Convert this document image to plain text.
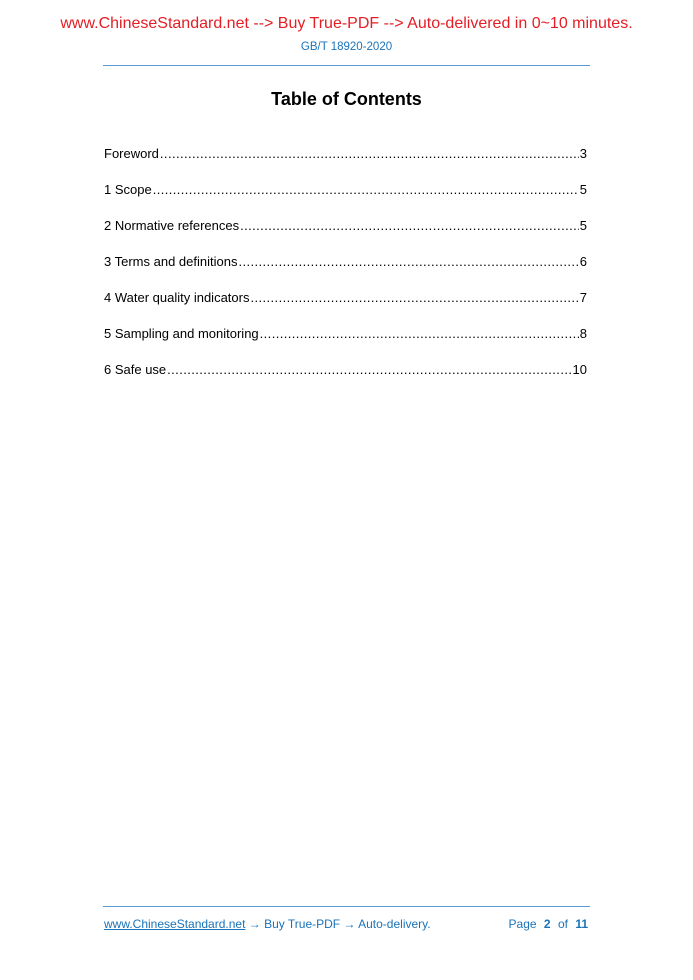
www.ChineseStandard.net --> Buy True-PDF --> Auto-delivered in 0~10 minutes.
GB/T 18920-2020
Table of Contents
Foreword .....	3
1 Scope .....	5
2 Normative references .....	5
3 Terms and definitions .....	6
4 Water quality indicators .....	7
5 Sampling and monitoring .....	8
6 Safe use .....	10
www.ChineseStandard.net → Buy True-PDF → Auto-delivery.	Page 2 of 11
